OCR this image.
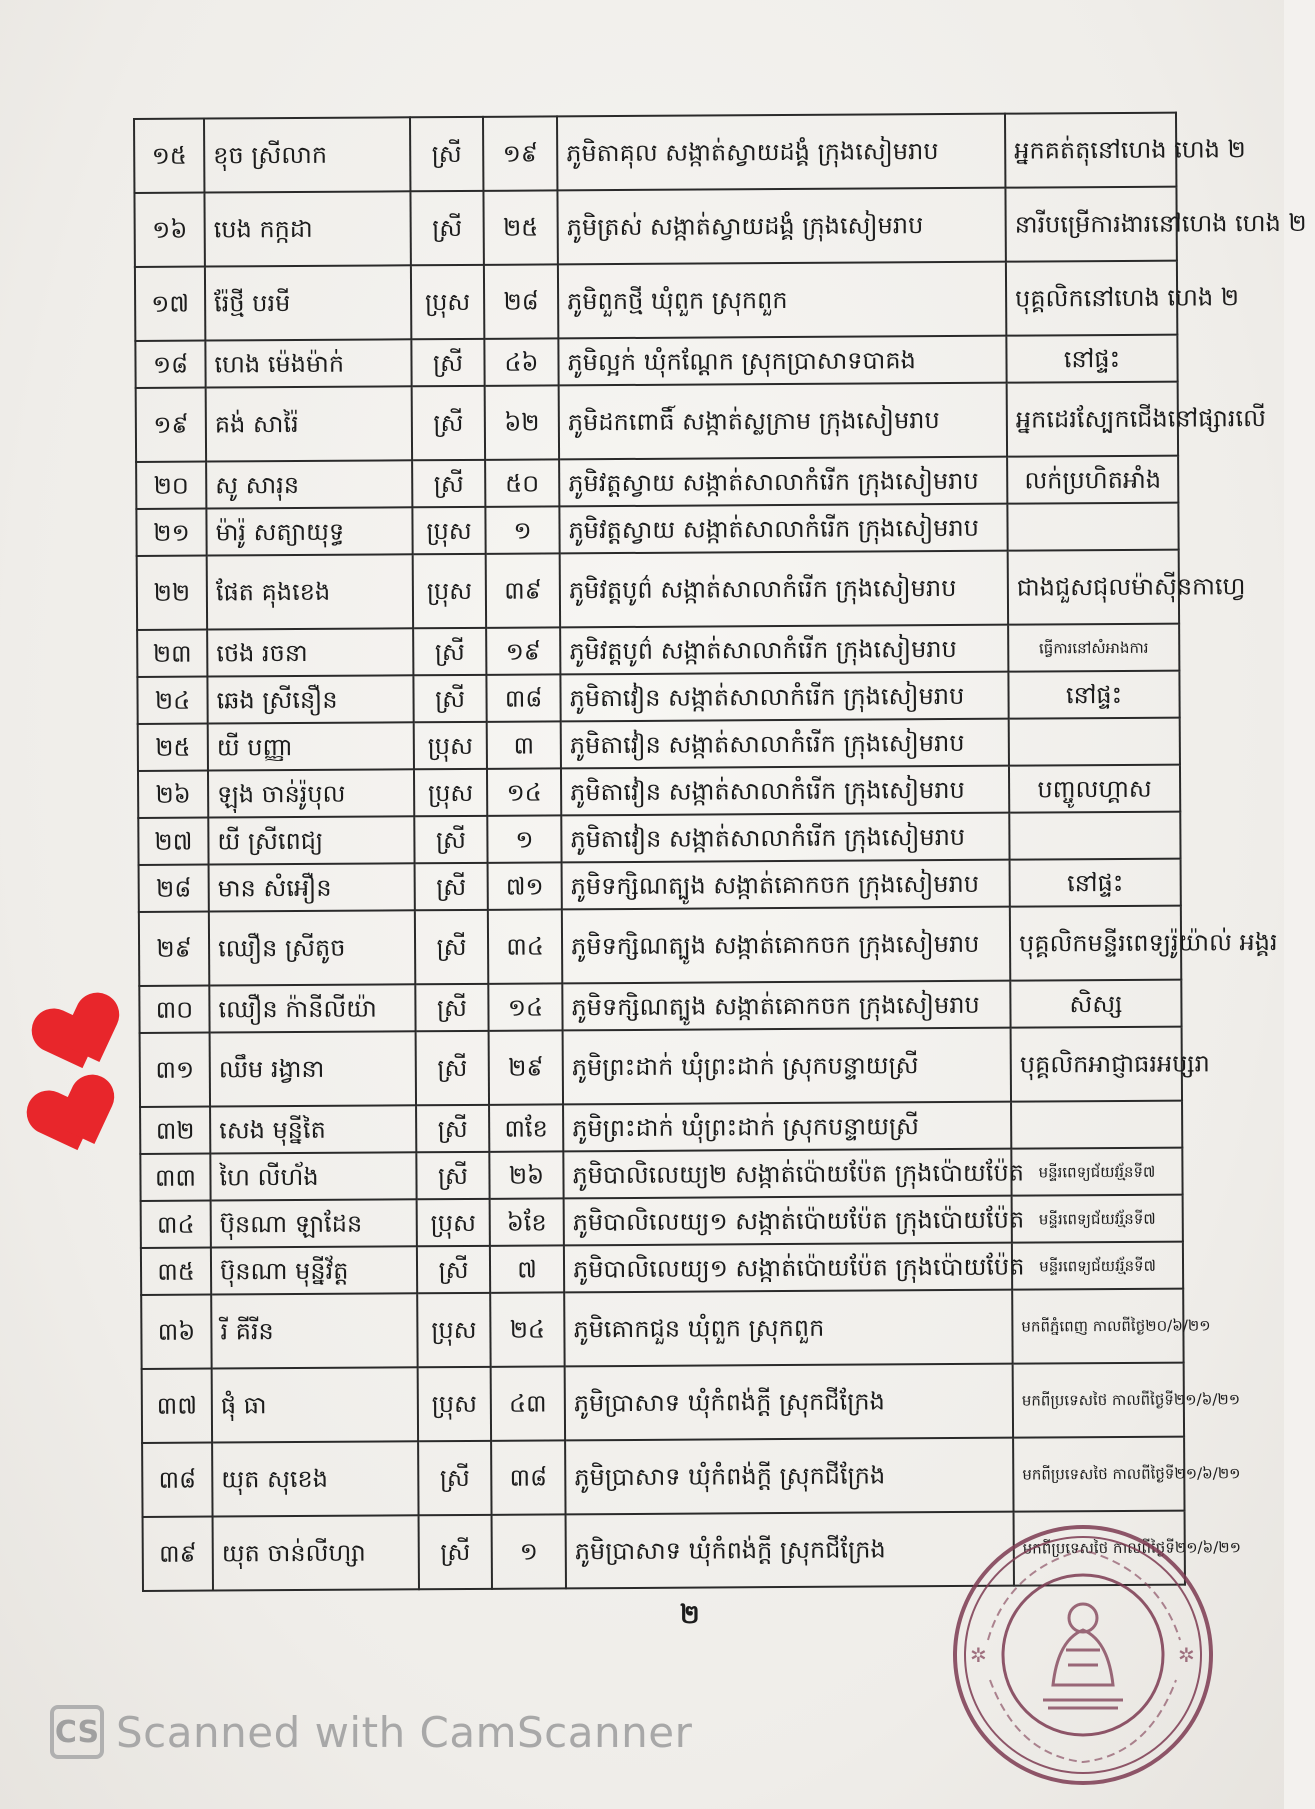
១៥	ខុច ស្រីលាក	ស្រី	១៩	ភូមិតាគុល សង្កាត់ស្វាយដង្គំ ក្រុងសៀមរាប	អ្នកគត់តុនៅហេង ហេង ២
១៦	បេង កក្កដា	ស្រី	២៥	ភូមិត្រស់ សង្កាត់ស្វាយដង្គំ ក្រុងសៀមរាប	នារីបម្រើការងារនៅហេង ហេង ២
១៧	រ៉ែថ្មី បរមី	ប្រុស	២៨	ភូមិពួកថ្មី ឃុំពួក ស្រុកពួក	បុគ្គលិកនៅហេង ហេង ២
១៨	ហេង ម៉េងម៉ាក់	ស្រី	៤៦	ភូមិល្អក់ ឃុំកណ្តែក ស្រុកប្រាសាទបាគង	នៅផ្ទះ
១៩	គង់ សារ៉ៃ	ស្រី	៦២	ភូមិដកពោធិ៍ សង្កាត់ស្លក្រាម ក្រុងសៀមរាប	អ្នកដេរស្បែកជើងនៅផ្សារលើ
២០	សូ សារុន	ស្រី	៥០	ភូមិវត្តស្វាយ សង្កាត់សាលាកំរើក ក្រុងសៀមរាប	លក់ប្រហិតអាំង
២១	ម៉ារ៉ូ សត្យាយុទ្ធ	ប្រុស	១	ភូមិវត្តស្វាយ សង្កាត់សាលាកំរើក ក្រុងសៀមរាប	
២២	ផែត គុងខេង	ប្រុស	៣៩	ភូមិវត្តបូព៌ សង្កាត់សាលាកំរើក ក្រុងសៀមរាប	ជាងជួសជុលម៉ាស៊ីនកាហ្វេ
២៣	ថេង រចនា	ស្រី	១៩	ភូមិវត្តបូព៌ សង្កាត់សាលាកំរើក ក្រុងសៀមរាប	ធ្វើការនៅសំអាងការ
២៤	ឆេង ស្រីនឿន	ស្រី	៣៨	ភូមិតាវៀន សង្កាត់សាលាកំរើក ក្រុងសៀមរាប	នៅផ្ទះ
២៥	យី បញ្ញា	ប្រុស	៣	ភូមិតាវៀន សង្កាត់សាលាកំរើក ក្រុងសៀមរាប	
២៦	ឡុង ចាន់រ៉ូបុល	ប្រុស	១៤	ភូមិតាវៀន សង្កាត់សាលាកំរើក ក្រុងសៀមរាប	បញ្ចូលហ្គាស
២៧	យី ស្រីពេជ្យ	ស្រី	១	ភូមិតាវៀន សង្កាត់សាលាកំរើក ក្រុងសៀមរាប	
២៨	មាន សំអឿន	ស្រី	៧១	ភូមិទក្សិណត្បូង សង្កាត់គោកចក ក្រុងសៀមរាប	នៅផ្ទះ
២៩	ឈឿន ស្រីតូច	ស្រី	៣៤	ភូមិទក្សិណត្បូង សង្កាត់គោកចក ក្រុងសៀមរាប	បុគ្គលិកមន្ទីរពេទ្យរ៉ូយ៉ាល់ អង្គរ
៣០	ឈឿន ក៉ានីលីយ៉ា	ស្រី	១៤	ភូមិទក្សិណត្បូង សង្កាត់គោកចក ក្រុងសៀមរាប	សិស្ស
៣១	ឈឹម រង្វានា	ស្រី	២៩	ភូមិព្រះដាក់ ឃុំព្រះដាក់ ស្រុកបន្ទាយស្រី	បុគ្គលិកអាជ្ញាធរអប្សរា
៣២	សេង មុន្នីតៃ	ស្រី	៣ខែ	ភូមិព្រះដាក់ ឃុំព្រះដាក់ ស្រុកបន្ទាយស្រី	
៣៣	ហៃ លីហ័ង	ស្រី	២៦	ភូមិបាលិលេយ្យ២ សង្កាត់ប៉ោយប៉ែត ក្រុងប៉ោយប៉ែត	មន្ទីរពេទ្យជ័យវរ្ម័នទី៧
៣៤	ប៊ុនណា ឡាដែន	ប្រុស	៦ខែ	ភូមិបាលិលេយ្យ១ សង្កាត់ប៉ោយប៉ែត ក្រុងប៉ោយប៉ែត	មន្ទីរពេទ្យជ័យវរ្ម័នទី៧
៣៥	ប៊ុនណា មុន្នីវ័ត្ត	ស្រី	៧	ភូមិបាលិលេយ្យ១ សង្កាត់ប៉ោយប៉ែត ក្រុងប៉ោយប៉ែត	មន្ទីរពេទ្យជ័យវរ្ម័នទី៧
៣៦	រី គីរីន	ប្រុស	២៤	ភូមិគោកជួន ឃុំពួក ស្រុកពួក	មកពីភ្នំពេញ កាលពីថ្ងៃ២០/៦/២១
៣៧	ផុំ ធា	ប្រុស	៤៣	ភូមិប្រាសាទ ឃុំកំពង់ក្តី ស្រុកជីក្រែង	មកពីប្រទេសថៃ កាលពីថ្ងៃទី២១/៦/២១
៣៨	យុត សុខេង	ស្រី	៣៨	ភូមិប្រាសាទ ឃុំកំពង់ក្តី ស្រុកជីក្រែង	មកពីប្រទេសថៃ កាលពីថ្ងៃទី២១/៦/២១
៣៩	យុត ចាន់លីហ្សា	ស្រី	១	ភូមិប្រាសាទ ឃុំកំពង់ក្តី ស្រុកជីក្រែង	មកពីប្រទេសថៃ កាលពីថ្ងៃទី២១/៦/២១
២
✲	✲
CS Scanned with CamScanner
